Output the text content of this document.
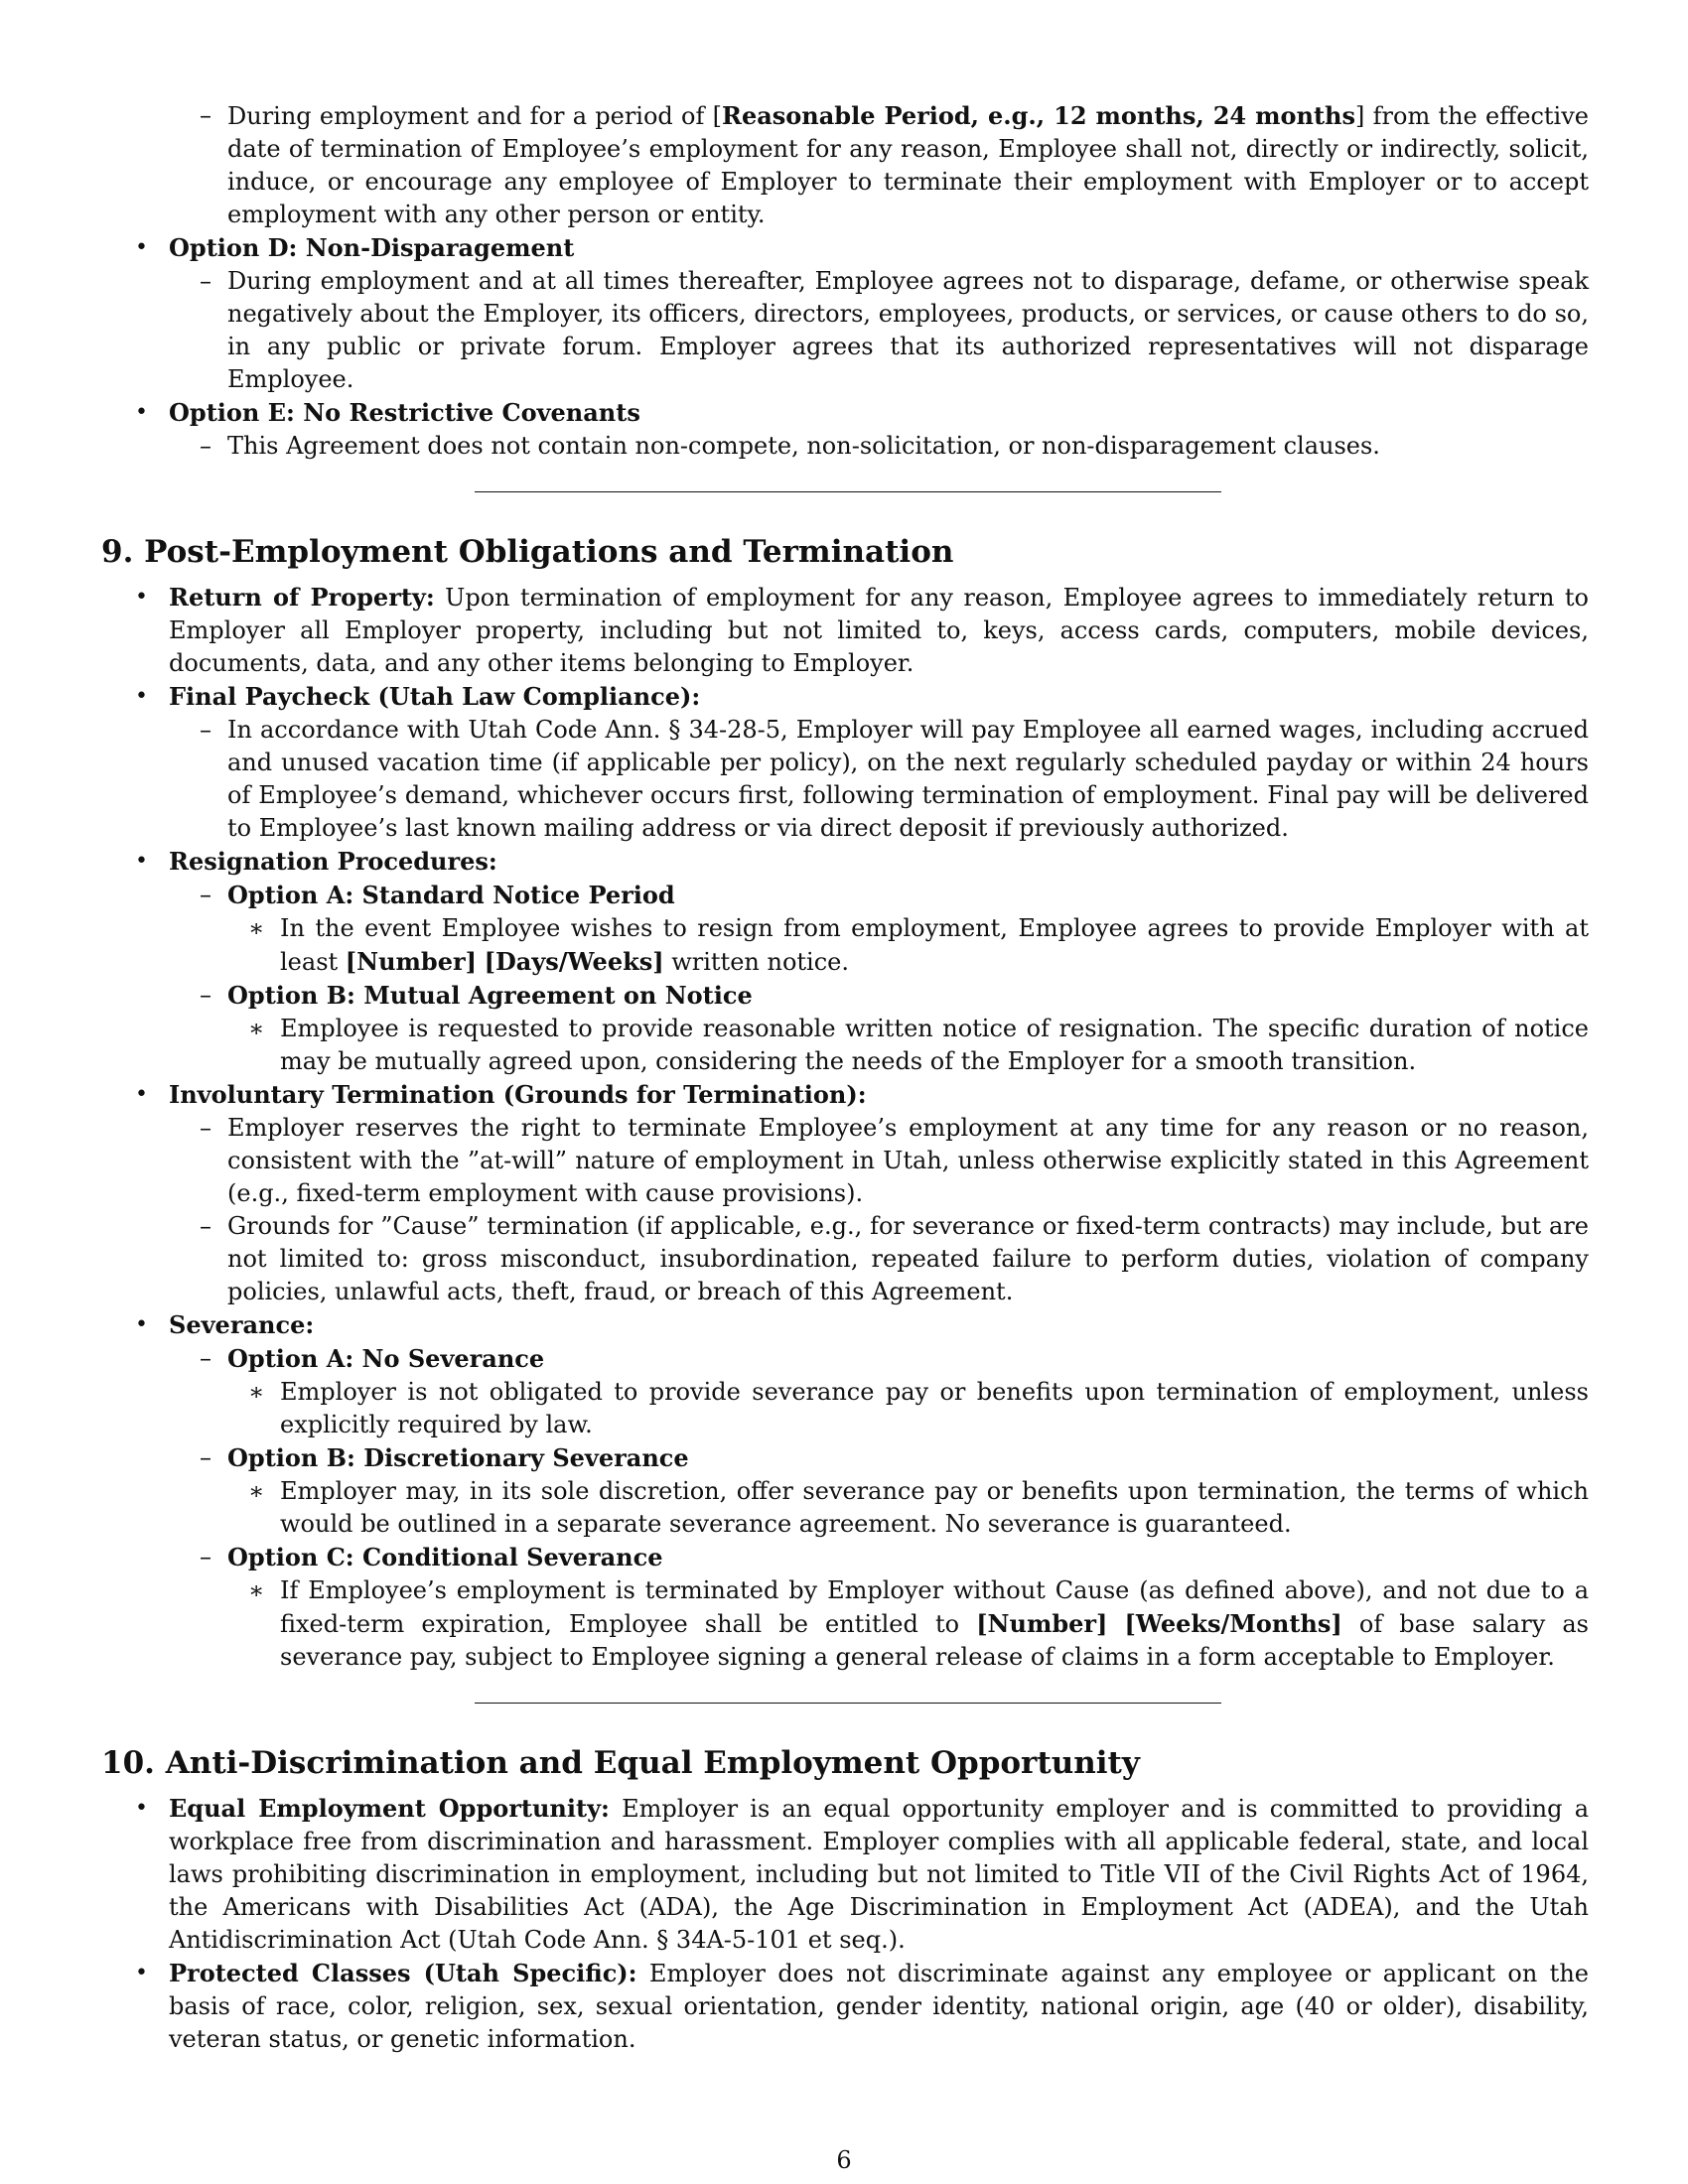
– During employment and for a period of [Reasonable Period, e.g., 12 months, 24 months] from the effective date of termination of Employee’s employment for any reason, Employee shall not, directly or indirectly, solicit, induce, or encourage any employee of Employer to terminate their employment with Employer or to accept employment with any other person or entity.
• Option D: Non-Disparagement
– During employment and at all times thereafter, Employee agrees not to disparage, defame, or otherwise speak negatively about the Employer, its officers, directors, employees, products, or services, or cause others to do so, in any public or private forum. Employer agrees that its authorized representatives will not disparage Employee.
• Option E: No Restrictive Covenants
– This Agreement does not contain non-compete, non-solicitation, or non-disparagement clauses.
9. Post-Employment Obligations and Termination
• Return of Property: Upon termination of employment for any reason, Employee agrees to immediately return to Employer all Employer property, including but not limited to, keys, access cards, computers, mobile devices, documents, data, and any other items belonging to Employer.
• Final Paycheck (Utah Law Compliance):
– In accordance with Utah Code Ann. § 34-28-5, Employer will pay Employee all earned wages, including accrued and unused vacation time (if applicable per policy), on the next regularly scheduled payday or within 24 hours of Employee’s demand, whichever occurs first, following termination of employment. Final pay will be delivered to Employee’s last known mailing address or via direct deposit if previously authorized.
• Resignation Procedures:
– Option A: Standard Notice Period
∗ In the event Employee wishes to resign from employment, Employee agrees to provide Employer with at least [Number] [Days/Weeks] written notice.
– Option B: Mutual Agreement on Notice
∗ Employee is requested to provide reasonable written notice of resignation. The specific duration of notice may be mutually agreed upon, considering the needs of the Employer for a smooth transition.
• Involuntary Termination (Grounds for Termination):
– Employer reserves the right to terminate Employee’s employment at any time for any reason or no reason, consistent with the ”at-will” nature of employment in Utah, unless otherwise explicitly stated in this Agreement (e.g., fixed-term employment with cause provisions).
– Grounds for ”Cause” termination (if applicable, e.g., for severance or fixed-term contracts) may include, but are not limited to: gross misconduct, insubordination, repeated failure to perform duties, violation of company policies, unlawful acts, theft, fraud, or breach of this Agreement.
• Severance:
– Option A: No Severance
∗ Employer is not obligated to provide severance pay or benefits upon termination of employment, unless explicitly required by law.
– Option B: Discretionary Severance
∗ Employer may, in its sole discretion, offer severance pay or benefits upon termination, the terms of which would be outlined in a separate severance agreement. No severance is guaranteed.
– Option C: Conditional Severance
∗ If Employee’s employment is terminated by Employer without Cause (as defined above), and not due to a fixed-term expiration, Employee shall be entitled to [Number] [Weeks/Months] of base salary as severance pay, subject to Employee signing a general release of claims in a form acceptable to Employer.
10. Anti-Discrimination and Equal Employment Opportunity
• Equal Employment Opportunity: Employer is an equal opportunity employer and is committed to providing a workplace free from discrimination and harassment. Employer complies with all applicable federal, state, and local laws prohibiting discrimination in employment, including but not limited to Title VII of the Civil Rights Act of 1964, the Americans with Disabilities Act (ADA), the Age Discrimination in Employment Act (ADEA), and the Utah Antidiscrimination Act (Utah Code Ann. § 34A-5-101 et seq.).
• Protected Classes (Utah Specific): Employer does not discriminate against any employee or applicant on the basis of race, color, religion, sex, sexual orientation, gender identity, national origin, age (40 or older), disability, veteran status, or genetic information.
6
